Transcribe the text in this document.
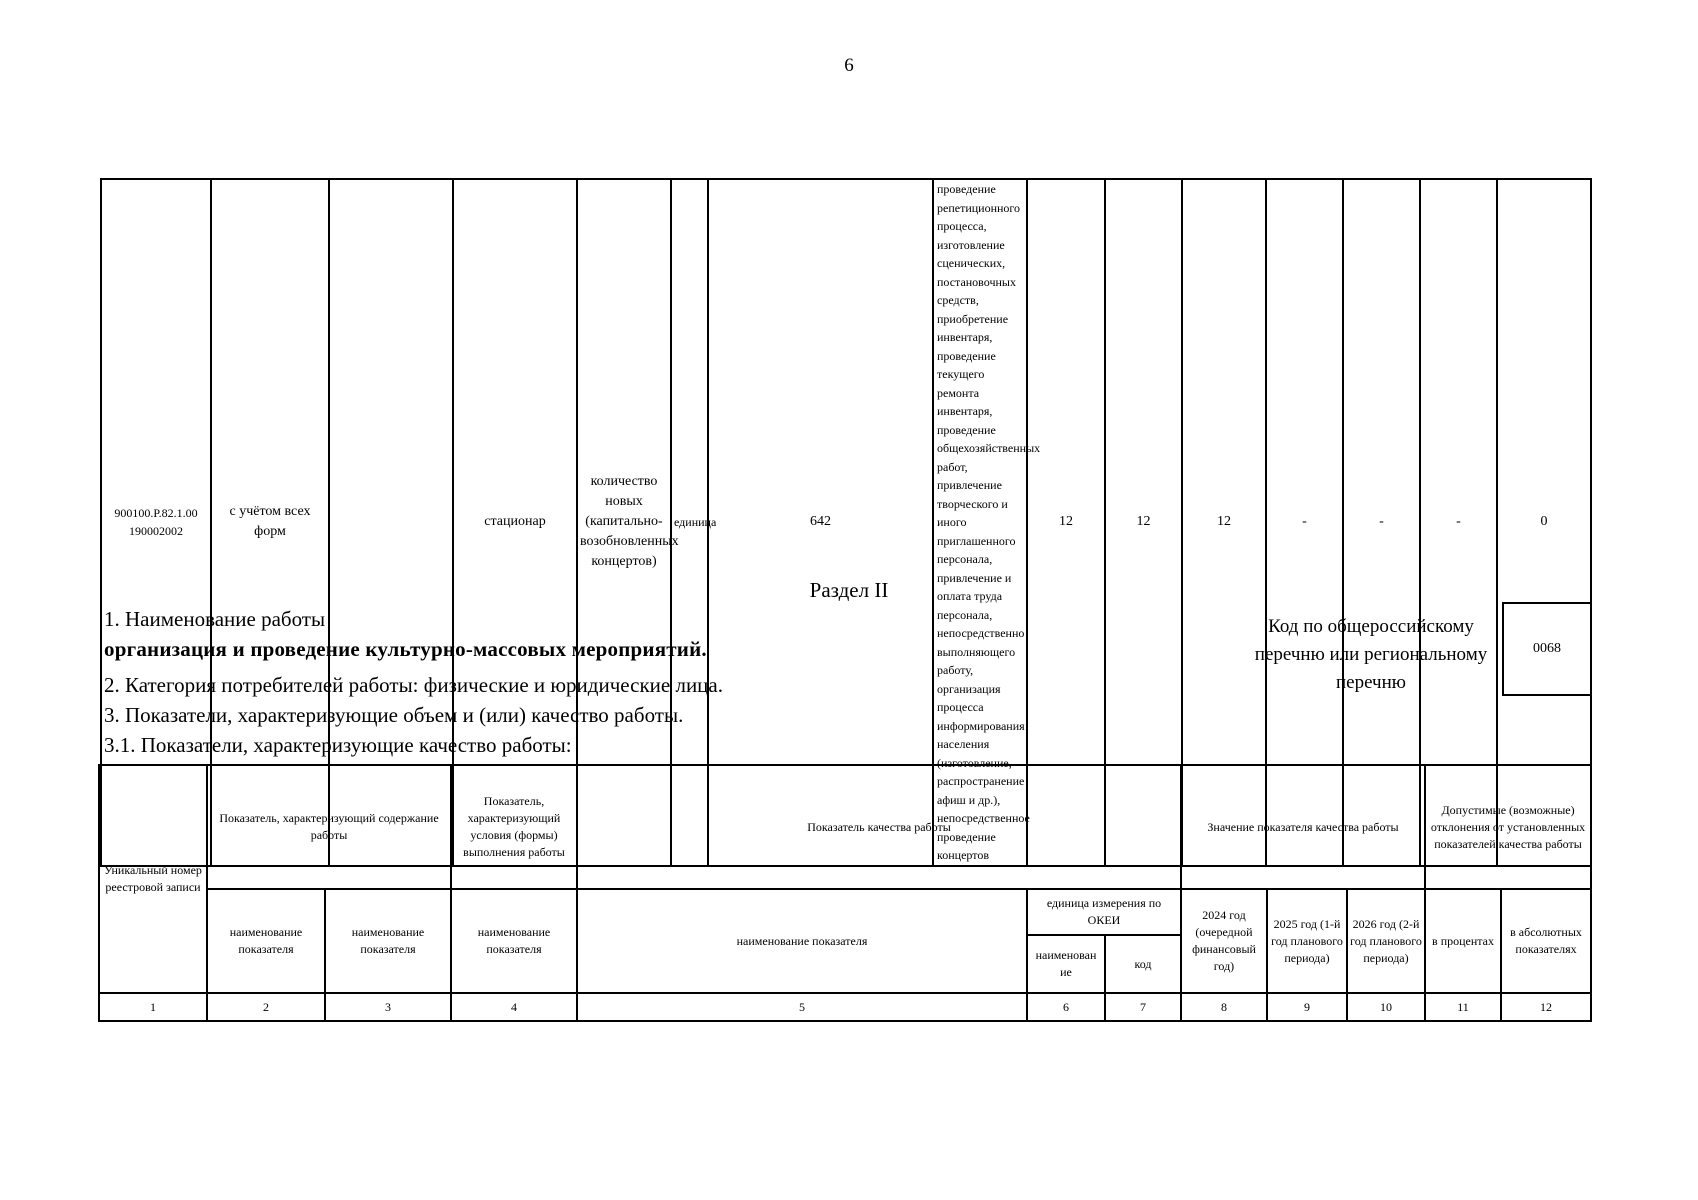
6
900100.Р.82.1.00 190002002	с учётом всех форм		стационар	количество новых (капитально-возобновленных концертов)	единица	642	проведение репетиционного процесса, изготовление сценических, постановочных средств, приобретение инвентаря, проведение текущего ремонта инвентаря, проведение общехозяйственных работ, привлечение творческого и иного приглашенного персонала, привлечение и оплата труда персонала, непосредственно выполняющего работу, организация процесса информирования населения (изготовление, распространение афиш и др.), непосредственное проведение концертов	12	12	12	-	-	-	0	
Раздел II
1. Наименование работы
организация и проведение культурно-массовых мероприятий.
2. Категория потребителей работы: физические и юридические лица.
3. Показатели, характеризующие объем и (или) качество работы.
3.1. Показатели, характеризующие качество работы:
Код по общероссийскому перечню или региональному перечню
0068
Уникальный номер реестровой записи	Показатель, характеризующий содержание работы		Показатель, характеризующий условия (формы) выполнения работы	Показатель качества работы			Значение показателя качества работы			Допустимые (возможные) отклонения от установленных показателей качества работы	
	наименование показателя	наименование показателя	наименование показателя	наименование показателя	единица измерения по ОКЕИ		2024 год (очередной финансовый год)	2025 год (1-й год планового периода)	2026 год (2-й год планового периода)	в процентах	в абсолютных показателях
					наименован ие	код					
1	2	3	4	5	6	7	8	9	10	11	12
